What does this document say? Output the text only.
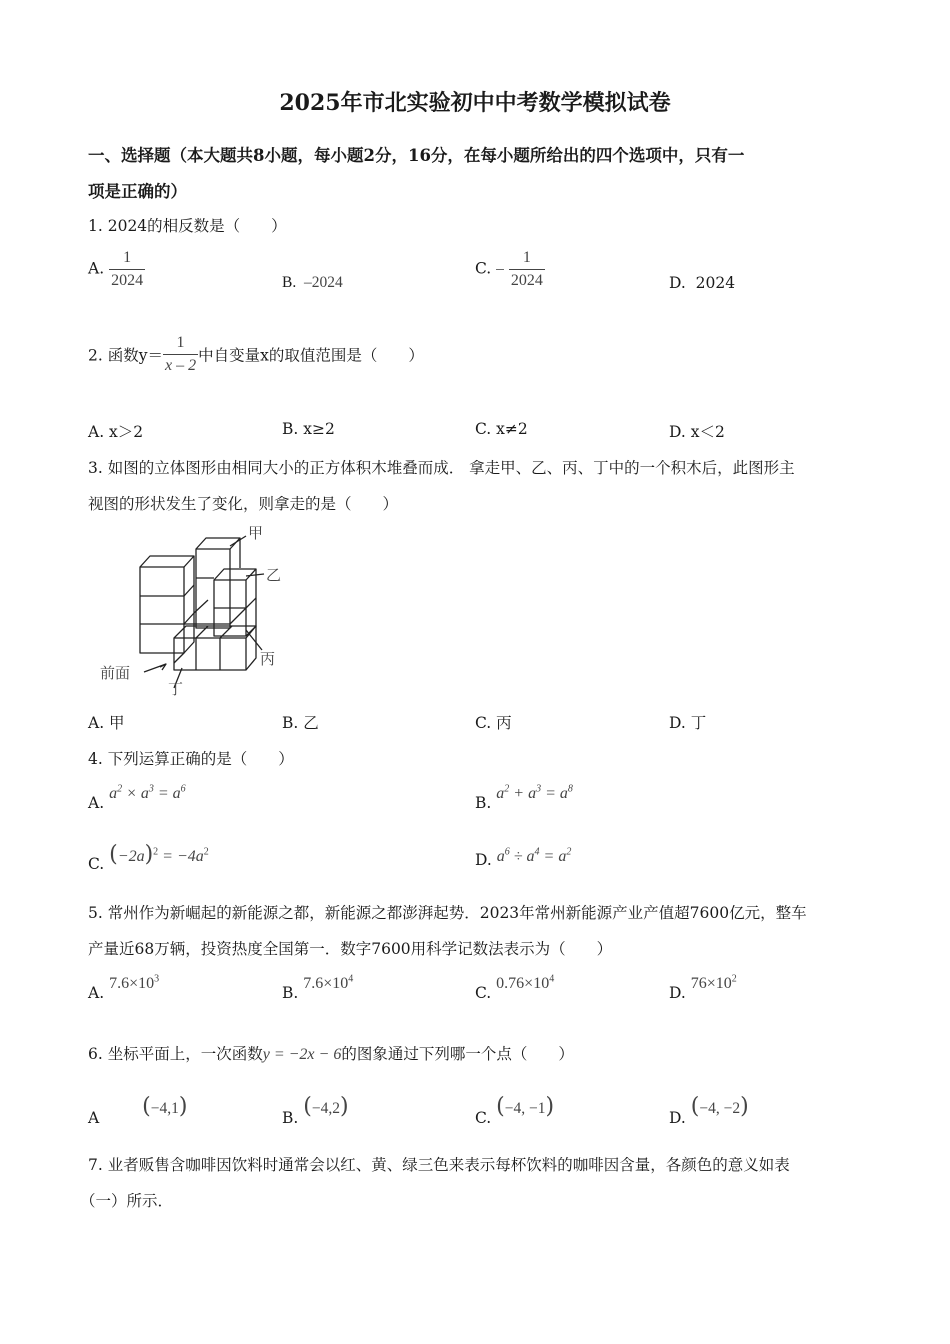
2025年市北实验初中中考数学模拟试卷
一、选择题（本大题共8小题，每小题2分，16分，在每小题所给出的四个选项中，只有一
项是正确的）
1. 2024的相反数是（　　）
A. $\frac{1}{2024}$	B. –2024
C. – $\frac{1}{2024}$	D. 2024
2. 函数$y= \frac{1}{x - 2}$ 中自变量x的取值范围是（　　）
A. x＞2	B. x≥2	C. x≠2	D. x＜2
3. 如图的立体图形由相同大小的正方体积木堆叠而成． 拿走甲、乙、丙、丁中的一个积木后，此图形主
视图的形状发生了变化，则拿走的是（　　）
甲
乙
丙
丁
前面
A. 甲	B. 乙	C. 丙	D. 丁
4. 下列运算正确的是（　　）
A. $a^2 \times a^3 = a^6$
B. $a^2 + a^3 = a^8$
C. $(-2a)^2 = -4a^2$	D. $a^6 \div a^4 = a^2$
5. 常州作为新崛起的新能源之都，新能源之都澎湃起势．2023年常州新能源产业产值超7600亿元，整车
产量近68万辆，投资热度全国第一．数字7600用科学记数法表示为（　　）
A. $7.6\times 10^3$
B. $7.6\times 10^4$
C. $0.76\times 10^4$
D. $76\times 10^2$
6. 坐标平面上，一次函数y = −2x − 6的图象通过下列哪一个点（　　）
A (−4,1)	B. (−4,2)	C. (−4, −1)	D. (−4, −2)
7. 业者贩售含咖啡因饮料时通常会以红、黄、绿三色来表示每杯饮料的咖啡因含量，各颜色的意义如表
（一）所示．
